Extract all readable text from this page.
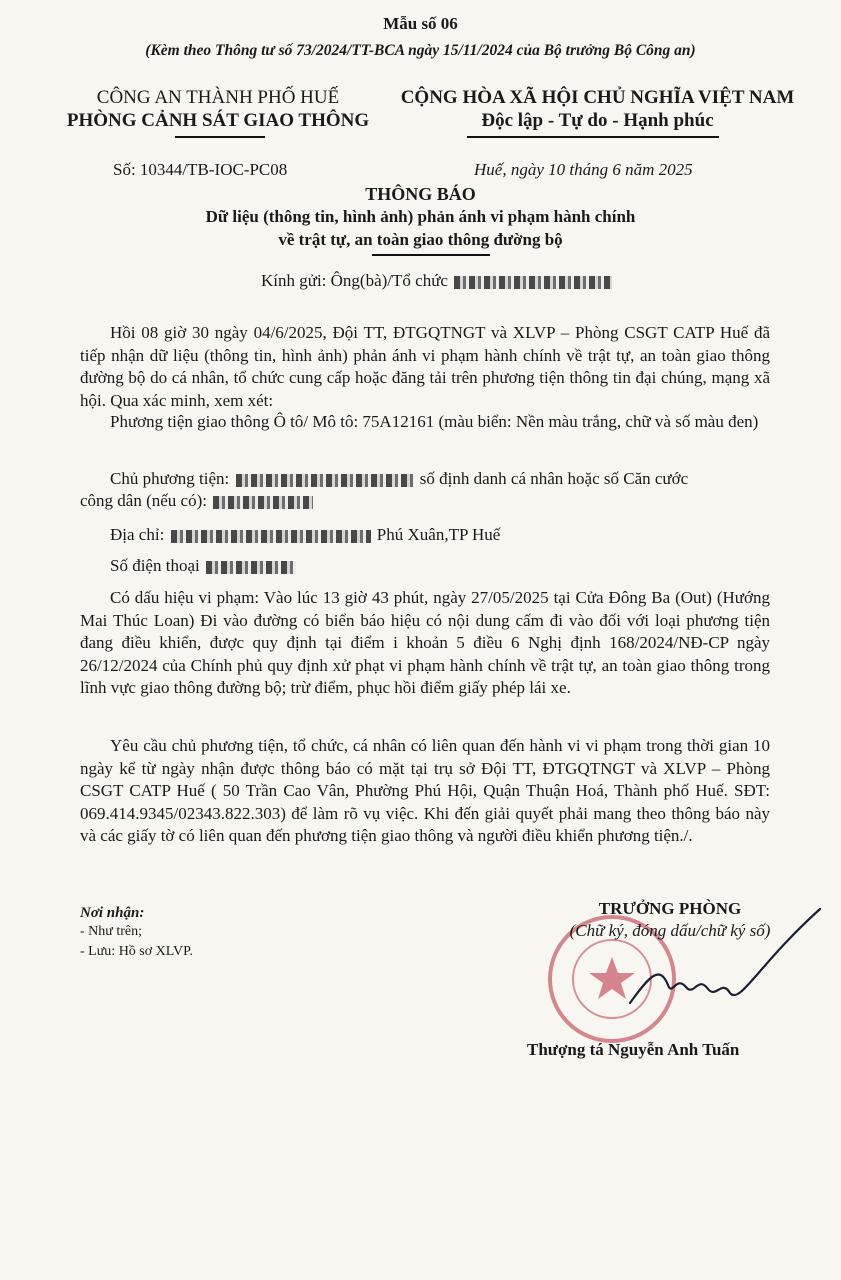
Mẫu số 06
(Kèm theo Thông tư số 73/2024/TT-BCA ngày 15/11/2024 của Bộ trưởng Bộ Công an)
CÔNG AN THÀNH PHỐ HUẾ
PHÒNG CẢNH SÁT GIAO THÔNG
CỘNG HÒA XÃ HỘI CHỦ NGHĨA VIỆT NAM
Độc lập - Tự do - Hạnh phúc
Số: 10344/TB-IOC-PC08	Huế, ngày 10 tháng 6 năm 2025
THÔNG BÁO
Dữ liệu (thông tin, hình ảnh) phản ánh vi phạm hành chính
về trật tự, an toàn giao thông đường bộ
Kính gửi: Ông(bà)/Tổ chức
Hồi 08 giờ 30 ngày 04/6/2025, Đội TT, ĐTGQTNGT và XLVP – Phòng CSGT CATP Huế đã tiếp nhận dữ liệu (thông tin, hình ảnh) phản ánh vi phạm hành chính về trật tự, an toàn giao thông đường bộ do cá nhân, tổ chức cung cấp hoặc đăng tải trên phương tiện thông tin đại chúng, mạng xã hội. Qua xác minh, xem xét:
Phương tiện giao thông Ô tô/ Mô tô: 75A12161 (màu biển: Nền màu trắng, chữ và số màu đen)
Chủ phương tiện:	số định danh cá nhân hoặc số Căn cước
công dân (nếu có):
Địa chỉ:	Phú Xuân,TP Huế
Số điện thoại
Có dấu hiệu vi phạm: Vào lúc 13 giờ 43 phút, ngày 27/05/2025 tại Cửa Đông Ba (Out) (Hướng Mai Thúc Loan) Đi vào đường có biển báo hiệu có nội dung cấm đi vào đối với loại phương tiện đang điều khiển, được quy định tại điểm i khoản 5 điều 6 Nghị định 168/2024/NĐ-CP ngày 26/12/2024 của Chính phủ quy định xử phạt vi phạm hành chính về trật tự, an toàn giao thông trong lĩnh vực giao thông đường bộ; trừ điểm, phục hồi điểm giấy phép lái xe.
Yêu cầu chủ phương tiện, tổ chức, cá nhân có liên quan đến hành vi vi phạm trong thời gian 10 ngày kể từ ngày nhận được thông báo có mặt tại trụ sở Đội TT, ĐTGQTNGT và XLVP – Phòng CSGT CATP Huế ( 50 Trần Cao Vân, Phường Phú Hội, Quận Thuận Hoá, Thành phố Huế. SĐT: 069.414.9345/02343.822.303) để làm rõ vụ việc. Khi đến giải quyết phải mang theo thông báo này và các giấy tờ có liên quan đến phương tiện giao thông và người điều khiển phương tiện./.
Nơi nhận:
- Như trên;
- Lưu: Hồ sơ XLVP.
TRƯỞNG PHÒNG
(Chữ ký, đóng dấu/chữ ký số)
Thượng tá Nguyễn Anh Tuấn
